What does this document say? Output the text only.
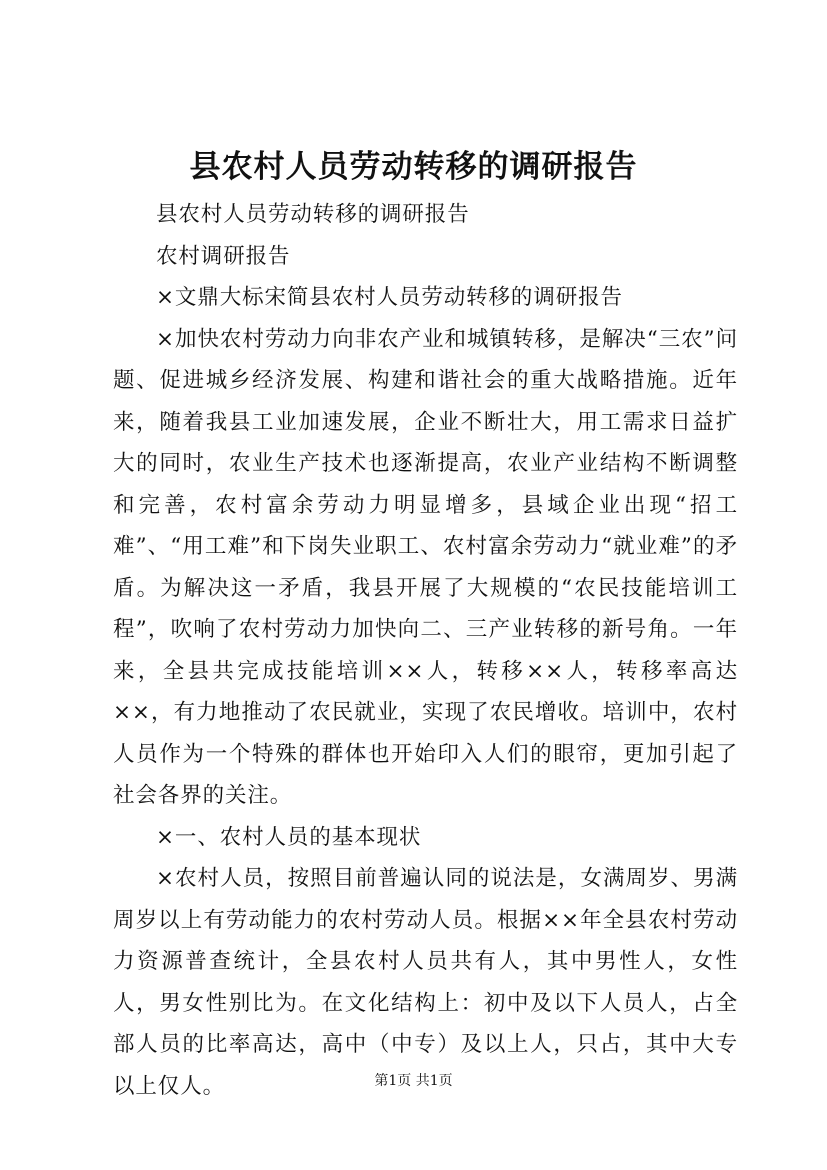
县农村人员劳动转移的调研报告

县农村人员劳动转移的调研报告

农村调研报告

×文鼎大标宋简县农村人员劳动转移的调研报告

×加快农村劳动力向非农产业和城镇转移，是解决“三农”问题、促进城乡经济发展、构建和谐社会的重大战略措施。近年来，随着我县工业加速发展，企业不断壮大，用工需求日益扩大的同时，农业生产技术也逐渐提高，农业产业结构不断调整和完善，农村富余劳动力明显增多，县域企业出现“招工难”、“用工难”和下岗失业职工、农村富余劳动力“就业难”的矛盾。为解决这一矛盾，我县开展了大规模的“农民技能培训工程”，吹响了农村劳动力加快向二、三产业转移的新号角。一年来，全县共完成技能培训××人，转移××人，转移率高达××，有力地推动了农民就业，实现了农民增收。培训中，农村人员作为一个特殊的群体也开始印入人们的眼帘，更加引起了社会各界的关注。

×一、农村人员的基本现状

×农村人员，按照目前普遍认同的说法是，女满周岁、男满周岁以上有劳动能力的农村劳动人员。根据××年全县农村劳动力资源普查统计，全县农村人员共有人，其中男性人，女性人，男女性别比为。在文化结构上：初中及以下人员人，占全部人员的比率高达，高中（中专）及以上人，只占，其中大专以上仅人。	第1页 共1页
